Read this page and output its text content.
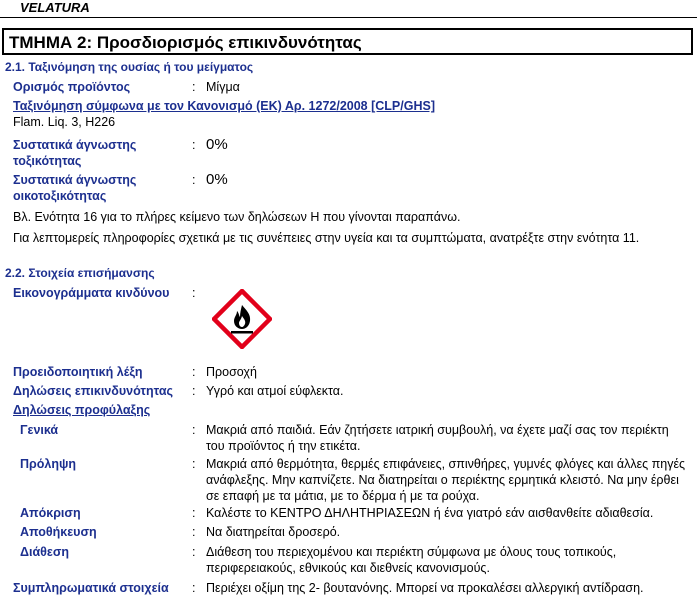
VELATURA
ΤΜΗΜΑ 2: Προσδιορισμός επικινδυνότητας
2.1. Ταξινόμηση της ουσίας ή του μείγματος
Ορισμός προϊόντος	: Μίγμα
Ταξινόμηση σύμφωνα με τον Κανονισμό (ΕΚ) Αρ. 1272/2008 [CLP/GHS]
Flam. Liq. 3, H226
Συστατικά άγνωστης
τοξικότητας
: 0%
Συστατικά άγνωστης
οικοτοξικότητας
: 0%
Βλ. Ενότητα 16 για το πλήρες κείμενο των δηλώσεων Η που γίνονται παραπάνω.
Για λεπτομερείς πληροφορίες σχετικά με τις συνέπειες στην υγεία και τα συμπτώματα, ανατρέξτε στην ενότητα 11.
2.2. Στοιχεία επισήμανσης
Εικονογράμματα κινδύνου :
Προειδοποιητική λέξη	: Προσοχή
Δηλώσεις επικινδυνότητας : Υγρό και ατμοί εύφλεκτα.
Δηλώσεις προφύλαξης
Γενικά	: Μακριά από παιδιά. Εάν ζητήσετε ιατρική συμβουλή, να έχετε μαζί σας τον περιέκτη του προϊόντος ή την ετικέτα.
Πρόληψη	: Μακριά από θερμότητα, θερμές επιφάνειες, σπινθήρες, γυμνές φλόγες και άλλες πηγές ανάφλεξης. Μην καπνίζετε. Να διατηρείται ο περιέκτης ερμητικά κλειστό. Να μην έρθει σε επαφή με τα μάτια, με το δέρμα ή με τα ρούχα.
Απόκριση	: Καλέστε το ΚΕΝΤΡΟ ΔΗΛΗΤΗΡΙΑΣΕΩΝ ή ένα γιατρό εάν αισθανθείτε αδιαθεσία.
Αποθήκευση	: Να διατηρείται δροσερό.
Διάθεση	: Διάθεση του περιεχομένου και περιέκτη σύμφωνα με όλους τους τοπικούς, περιφερειακούς, εθνικούς και διεθνείς κανονισμούς.
Συμπληρωματικά στοιχεία : Περιέχει οξίμη της 2- βουτανόνης. Μπορεί να προκαλέσει αλλεργική αντίδραση.
